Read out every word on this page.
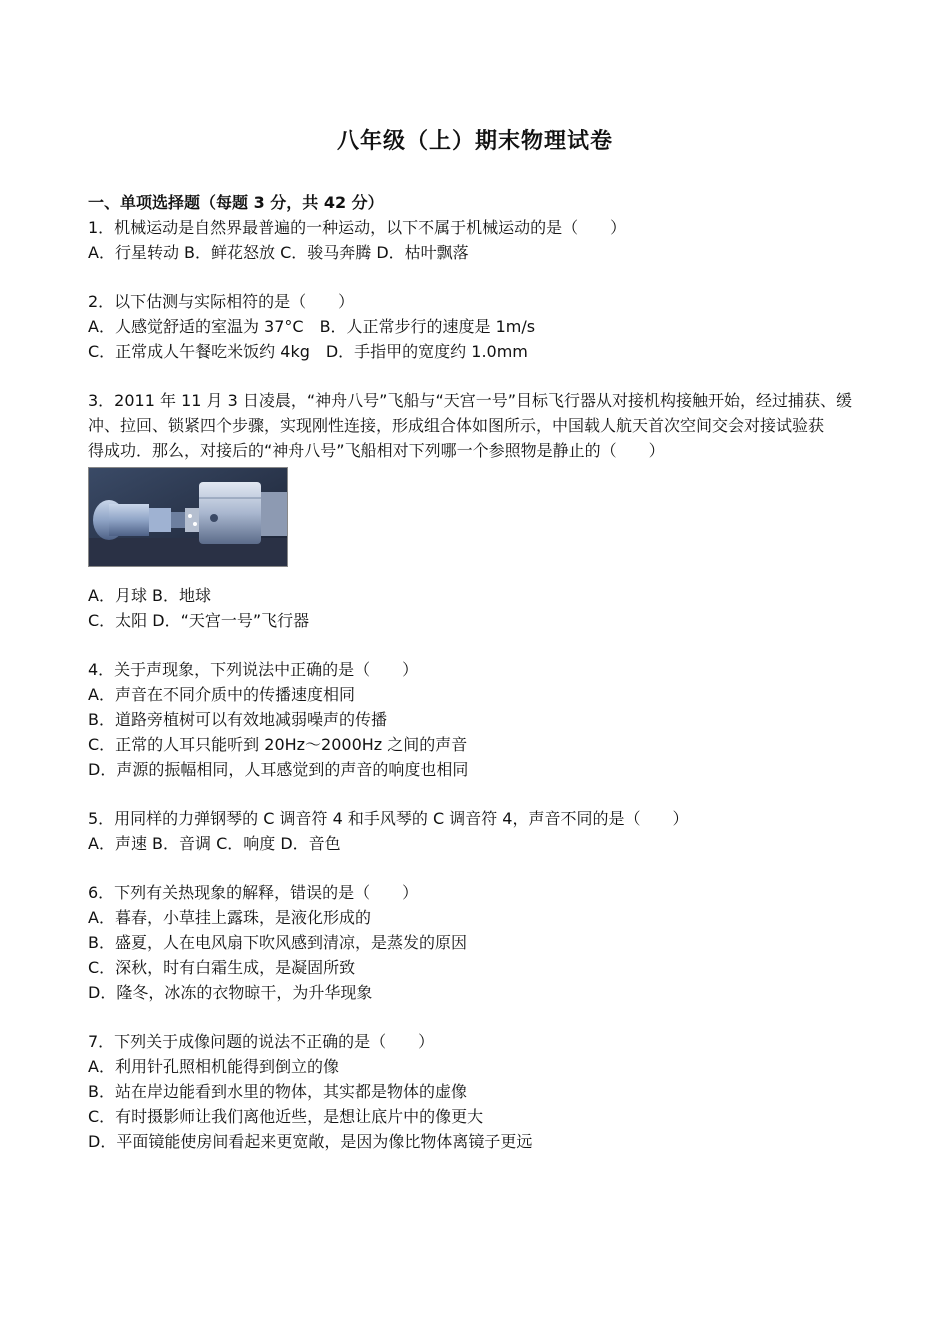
八年级（上）期末物理试卷
一、单项选择题（每题 3 分，共 42 分）
1．机械运动是自然界最普遍的一种运动，以下不属于机械运动的是（　　）
A．行星转动 B．鲜花怒放 C．骏马奔腾 D．枯叶飘落
2．以下估测与实际相符的是（　　）
A．人感觉舒适的室温为 37°C　B．人正常步行的速度是 1m/s
C．正常成人午餐吃米饭约 4kg　D．手指甲的宽度约 1.0mm
3．2011 年 11 月 3 日凌晨，“神舟八号”飞船与“天宫一号”目标飞行器从对接机构接触开始，经过捕获、缓
冲、拉回、锁紧四个步骤，实现刚性连接，形成组合体如图所示，中国载人航天首次空间交会对接试验获
得成功．那么，对接后的“神舟八号”飞船相对下列哪一个参照物是静止的（　　）
A．月球 B．地球
C．太阳 D．“天宫一号”飞行器
4．关于声现象，下列说法中正确的是（　　）
A．声音在不同介质中的传播速度相同
B．道路旁植树可以有效地减弱噪声的传播
C．正常的人耳只能听到 20Hz～2000Hz 之间的声音
D．声源的振幅相同，人耳感觉到的声音的响度也相同
5．用同样的力弹钢琴的 C 调音符 4 和手风琴的 C 调音符 4，声音不同的是（　　）
A．声速 B．音调 C．响度 D．音色
6．下列有关热现象的解释，错误的是（　　）
A．暮春，小草挂上露珠，是液化形成的
B．盛夏，人在电风扇下吹风感到清凉，是蒸发的原因
C．深秋，时有白霜生成，是凝固所致
D．隆冬，冰冻的衣物晾干，为升华现象
7．下列关于成像问题的说法不正确的是（　　）
A．利用针孔照相机能得到倒立的像
B．站在岸边能看到水里的物体，其实都是物体的虚像
C．有时摄影师让我们离他近些，是想让底片中的像更大
D．平面镜能使房间看起来更宽敞，是因为像比物体离镜子更远
